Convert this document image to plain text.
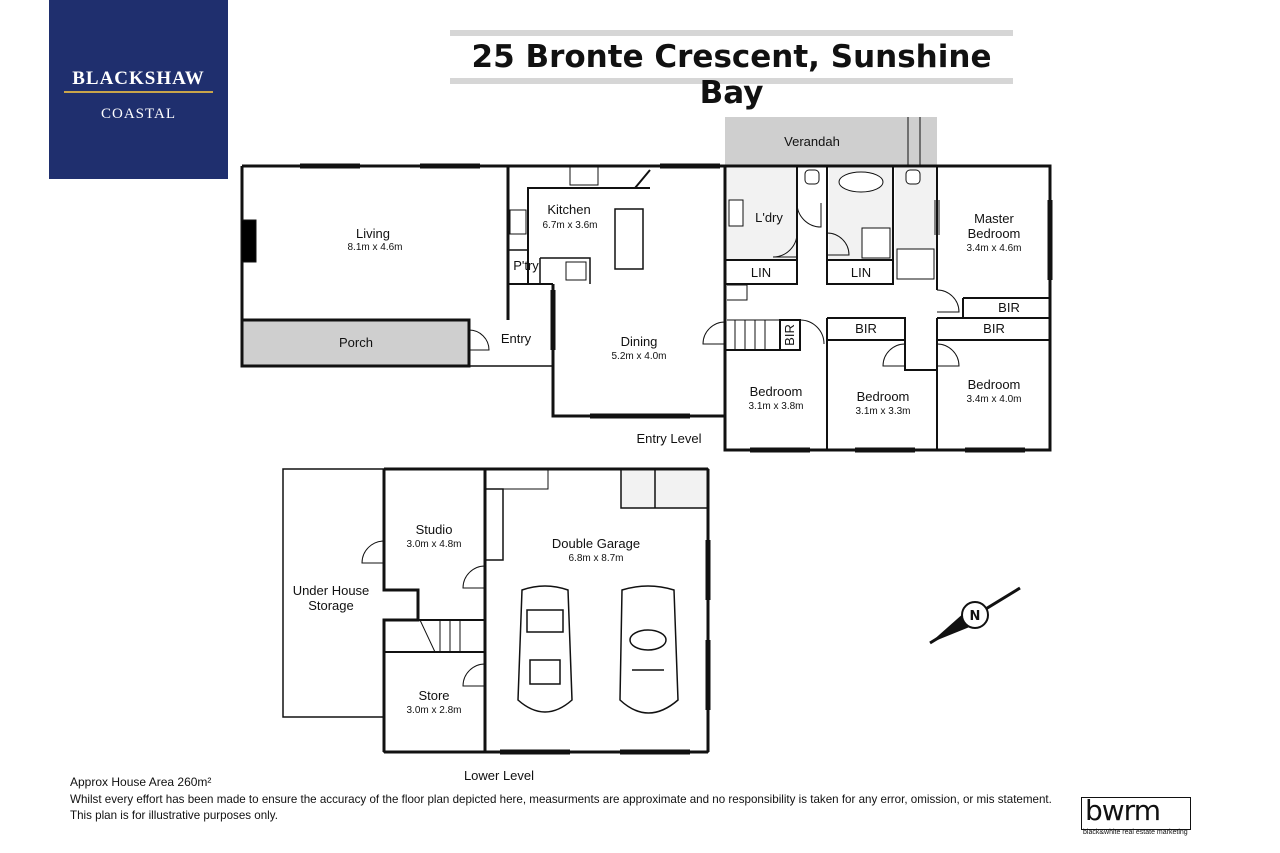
BLACKSHAW
COASTAL
25 Bronte Crescent, Sunshine Bay
N
Verandah
Living
8.1m x 4.6m
Kitchen
6.7m x 3.6m
P'try
L'dry
LIN	LIN
Master
Bedroom
3.4m x 4.6m
BIR
Porch	Entry	Dining
5.2m x 4.0m
BIR	BIR	BIR
Bedroom
3.1m x 3.8m
Bedroom
3.1m x 3.3m
Bedroom
3.4m x 4.0m
Entry Level
Studio
3.0m x 4.8m	Double Garage
6.8m x 8.7m
Under House
Storage
Store
3.0m x 2.8m
Lower Level
Approx House Area 260m²
Whilst every effort has been made to ensure the accuracy of the floor plan depicted here, measurments are approximate and no responsibility is taken for any error, omission, or mis statement.
This plan is for illustrative purposes only.	bwrm
black&white real estate marketing
